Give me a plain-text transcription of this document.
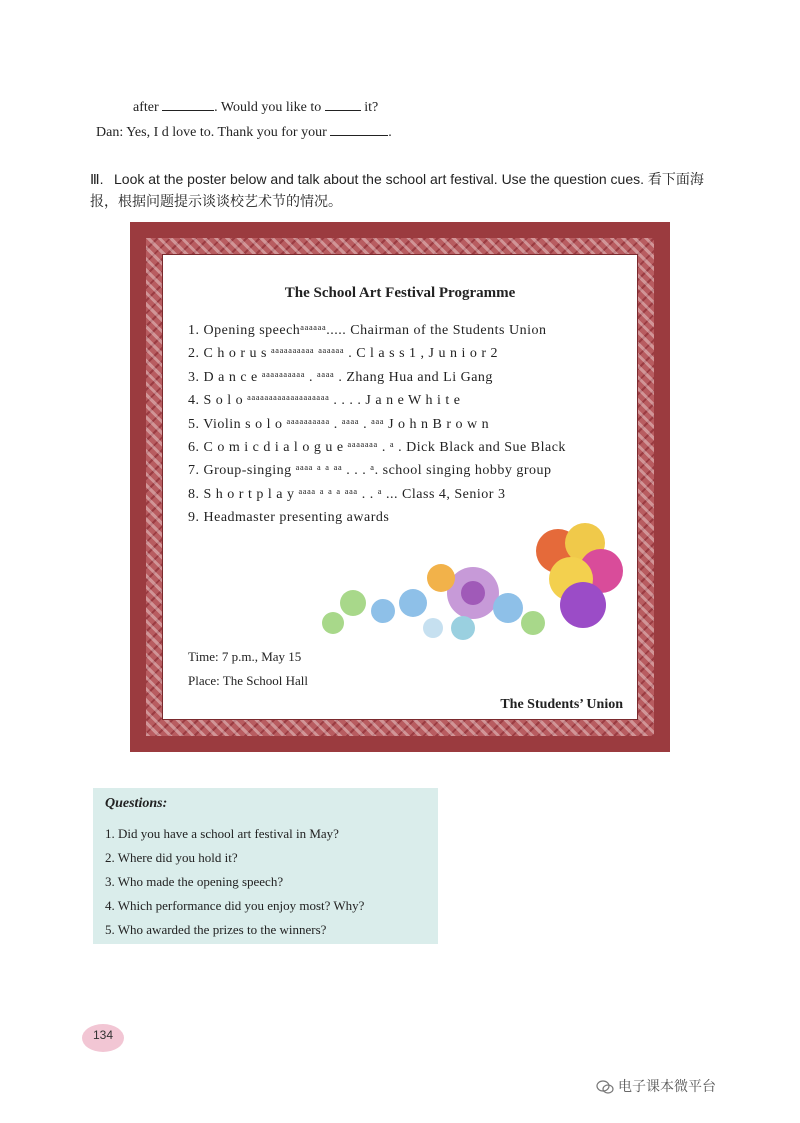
after	. Would you like to	it?
Dan: Yes, I d love to. Thank you for your	.
Ⅲ. Look at the poster below and talk about the school art festival. Use the question cues. 看下面海报，根据问题提示谈谈校艺术节的情况。
The School Art Festival Programme
1. Opening speechᵃᵃᵃᵃᵃᵃ..... Chairman of the Students Union
2. C h o r u s ᵃᵃᵃᵃᵃᵃᵃᵃᵃᵃ ᵃᵃᵃᵃᵃᵃ . C l a s s 1 , J u n i o r 2
3. D a n c e ᵃᵃᵃᵃᵃᵃᵃᵃᵃᵃ . ᵃᵃᵃᵃ . Zhang Hua and Li Gang
4. S o l o ᵃᵃᵃᵃᵃᵃᵃᵃᵃᵃᵃᵃᵃᵃᵃᵃᵃᵃᵃ . . . . J a n e W h i t e
5. Violin s o l o ᵃᵃᵃᵃᵃᵃᵃᵃᵃᵃ . ᵃᵃᵃᵃ . ᵃᵃᵃ J o h n B r o w n
6. C o m i c d i a l o g u e ᵃᵃᵃᵃᵃᵃᵃ . ᵃ . Dick Black and Sue Black
7. Group-singing ᵃᵃᵃᵃ ᵃ ᵃ ᵃᵃ . . . ᵃ. school singing hobby group
8. S h o r t p l a y ᵃᵃᵃᵃ ᵃ ᵃ ᵃ ᵃᵃᵃ . . ᵃ ... Class 4, Senior 3
9. Headmaster presenting awards
Time: 7 p.m., May 15
Place: The School Hall
The Students’ Union
Questions:
1. Did you have a school art festival in May?
2. Where did you hold it?
3. Who made the opening speech?
4. Which performance did you enjoy most? Why?
5. Who awarded the prizes to the winners?
134
电子课本微平台
